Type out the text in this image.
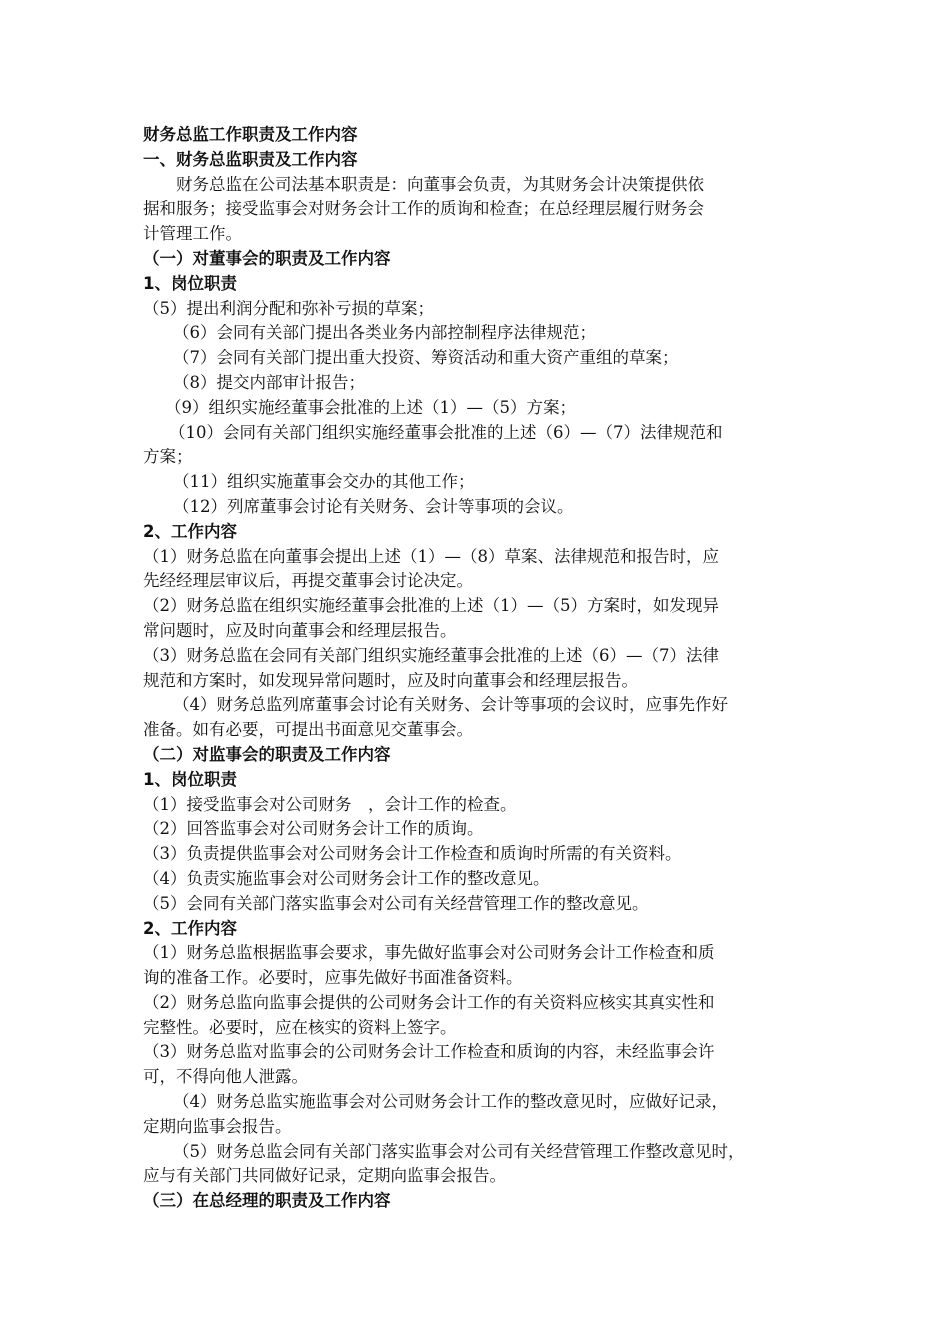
财务总监工作职责及工作内容
一、财务总监职责及工作内容
财务总监在公司法基本职责是：向董事会负责，为其财务会计决策提供依
据和服务；接受监事会对财务会计工作的质询和检查；在总经理层履行财务会
计管理工作。
（一）对董事会的职责及工作内容
1、岗位职责
（5）提出利润分配和弥补亏损的草案；
（6）会同有关部门提出各类业务内部控制程序法律规范；
（7）会同有关部门提出重大投资、筹资活动和重大资产重组的草案；
（8）提交内部审计报告；
（9）组织实施经董事会批准的上述（1）—（5）方案；
（10）会同有关部门组织实施经董事会批准的上述（6）—（7）法律规范和
方案；
（11）组织实施董事会交办的其他工作；
（12）列席董事会讨论有关财务、会计等事项的会议。
2、工作内容
（1）财务总监在向董事会提出上述（1）—（8）草案、法律规范和报告时，应
先经经理层审议后，再提交董事会讨论决定。
（2）财务总监在组织实施经董事会批准的上述（1）—（5）方案时，如发现异
常问题时，应及时向董事会和经理层报告。
（3）财务总监在会同有关部门组织实施经董事会批准的上述（6）—（7）法律
规范和方案时，如发现异常问题时，应及时向董事会和经理层报告。
（4）财务总监列席董事会讨论有关财务、会计等事项的会议时，应事先作好
准备。如有必要，可提出书面意见交董事会。
（二）对监事会的职责及工作内容
1、岗位职责
（1）接受监事会对公司财务　，会计工作的检查。
（2）回答监事会对公司财务会计工作的质询。
（3）负责提供监事会对公司财务会计工作检查和质询时所需的有关资料。
（4）负责实施监事会对公司财务会计工作的整改意见。
（5）会同有关部门落实监事会对公司有关经营管理工作的整改意见。
2、工作内容
（1）财务总监根据监事会要求，事先做好监事会对公司财务会计工作检查和质
询的准备工作。必要时，应事先做好书面准备资料。
（2）财务总监向监事会提供的公司财务会计工作的有关资料应核实其真实性和
完整性。必要时，应在核实的资料上签字。
（3）财务总监对监事会的公司财务会计工作检查和质询的内容，未经监事会许
可，不得向他人泄露。
（4）财务总监实施监事会对公司财务会计工作的整改意见时，应做好记录，
定期向监事会报告。
（5）财务总监会同有关部门落实监事会对公司有关经营管理工作整改意见时，
应与有关部门共同做好记录，定期向监事会报告。
（三）在总经理的职责及工作内容
